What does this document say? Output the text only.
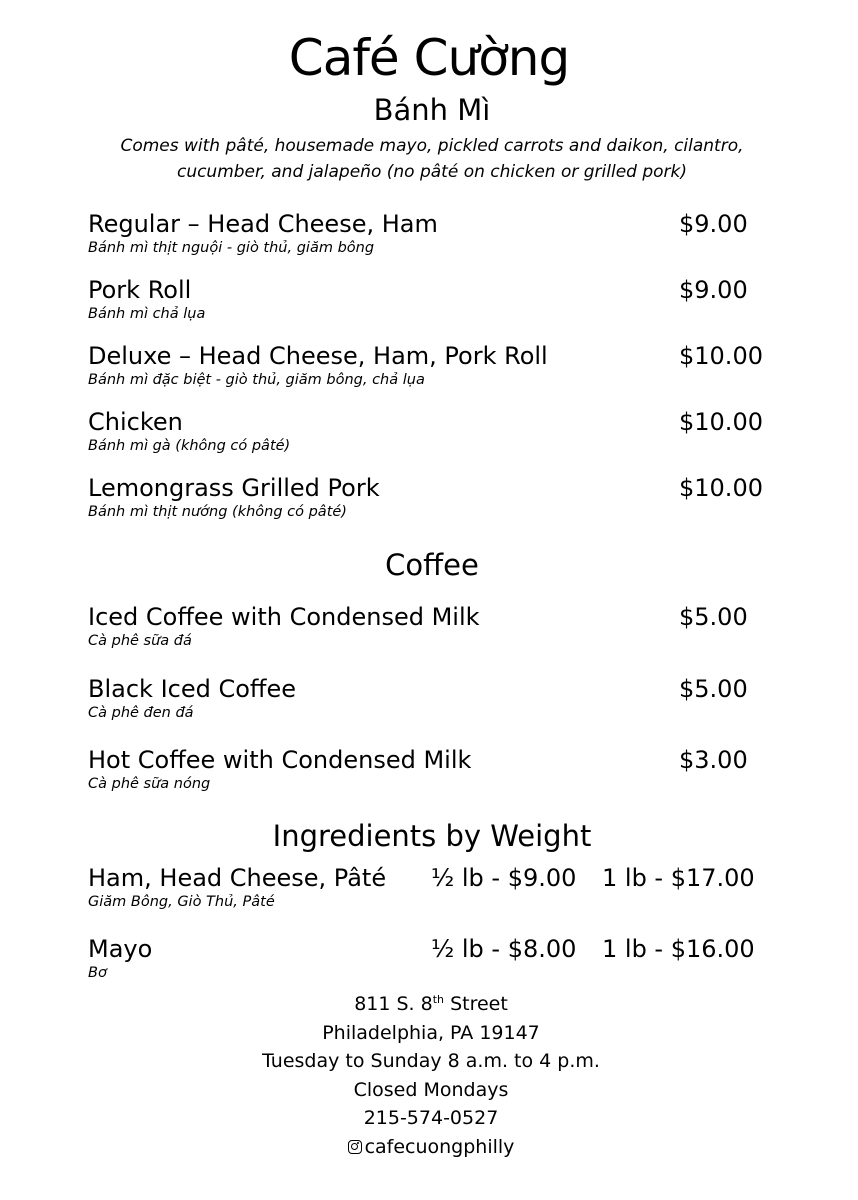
Café Cường
Bánh Mì
Comes with pâté, housemade mayo, pickled carrots and daikon, cilantro,
cucumber, and jalapeño (no pâté on chicken or grilled pork)
Regular – Head Cheese, Ham
Bánh mì thịt nguội - giò thủ, giăm bông
$9.00
Pork Roll
Bánh mì chả lụa
$9.00
Deluxe – Head Cheese, Ham, Pork Roll
Bánh mì đặc biệt - giò thủ, giăm bông, chả lụa
$10.00
Chicken
Bánh mì gà (không có pâté)
$10.00
Lemongrass Grilled Pork
Bánh mì thịt nướng (không có pâté)
$10.00
Coffee
Iced Coffee with Condensed Milk
Cà phê sữa đá
$5.00
Black Iced Coffee
Cà phê đen đá
$5.00
Hot Coffee with Condensed Milk
Cà phê sữa nóng
$3.00
Ingredients by Weight
Ham, Head Cheese, Pâté
Giăm Bông, Giò Thủ, Pâté
½ lb - $9.00 1 lb - $17.00
Mayo
Bơ
½ lb - $8.00 1 lb - $16.00
811 S. 8th Street
Philadelphia, PA 19147
Tuesday to Sunday 8 a.m. to 4 p.m.
Closed Mondays
215-574-0527
cafecuongphilly
